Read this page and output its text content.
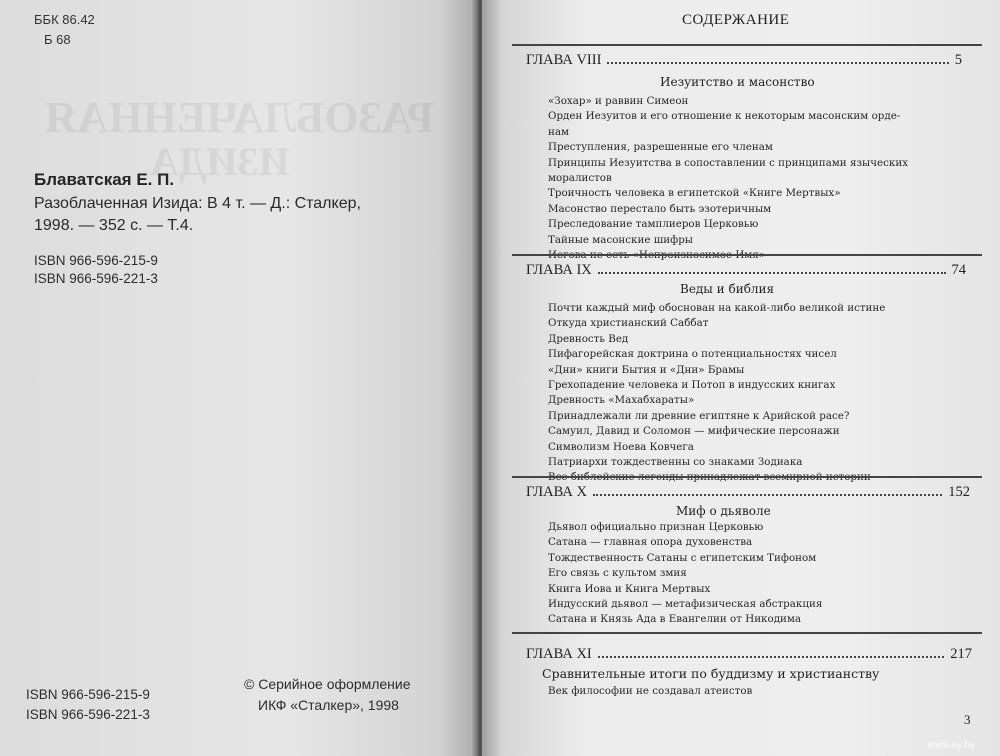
ББК 86.42
Б 68
РАЗОБЛАЧЕННАЯ
ИЗИДА
Блаватская Е. П.
Разоблаченная Изида: В 4 т. — Д.: Сталкер,
1998. — 352 с. — Т.4.
ISBN 966-596-215-9
ISBN 966-596-221-3
ISBN 966-596-215-9
ISBN 966-596-221-3
© Серийное оформление
ИКФ «Сталкер», 1998
СОДЕРЖАНИЕ
ГЛАВА VIII	5
Иезуитство и масонство
«Зохар» и раввин Симеон
Орден Иезуитов и его отношение к некоторым масонским орде-
нам
Преступления, разрешенные его членам
Принципы Иезуитства в сопоставлении с принципами языческих
моралистов
Троичность человека в египетской «Книге Мертвых»
Масонство перестало быть эзотеричным
Преследование тамплиеров Церковью
Тайные масонские шифры
ГЛАВА IX	74
Веды и библия
Почти каждый миф обоснован на какой-либо великой истине
Откуда христианский Саббат
Древность Вед
Пифагорейская доктрина о потенциальностях чисел
«Дни» книги Бытия и «Дни» Брамы
Грехопадение человека и Потоп в индусских книгах
Древность «Махабхараты»
Принадлежали ли древние египтяне к Арийской расе?
Самуил, Давид и Соломон — мифические персонажи
Символизм Ноева Ковчега
Патриархи тождественны со знаками Зодиака
ГЛАВА X	152
Миф о дьяволе
Дьявол официально признан Церковью
Сатана — главная опора духовенства
Тождественность Сатаны с египетским Тифоном
Его связь с культом змия
Книга Иова и Книга Мертвых
Индусский дьявол — метафизическая абстракция
Сатана и Князь Ада в Евангелии от Никодима
ГЛАВА XI	217
Сравнительные итоги по буддизму и христианству
Век философии не создавал атеистов
3
www.ay.by
